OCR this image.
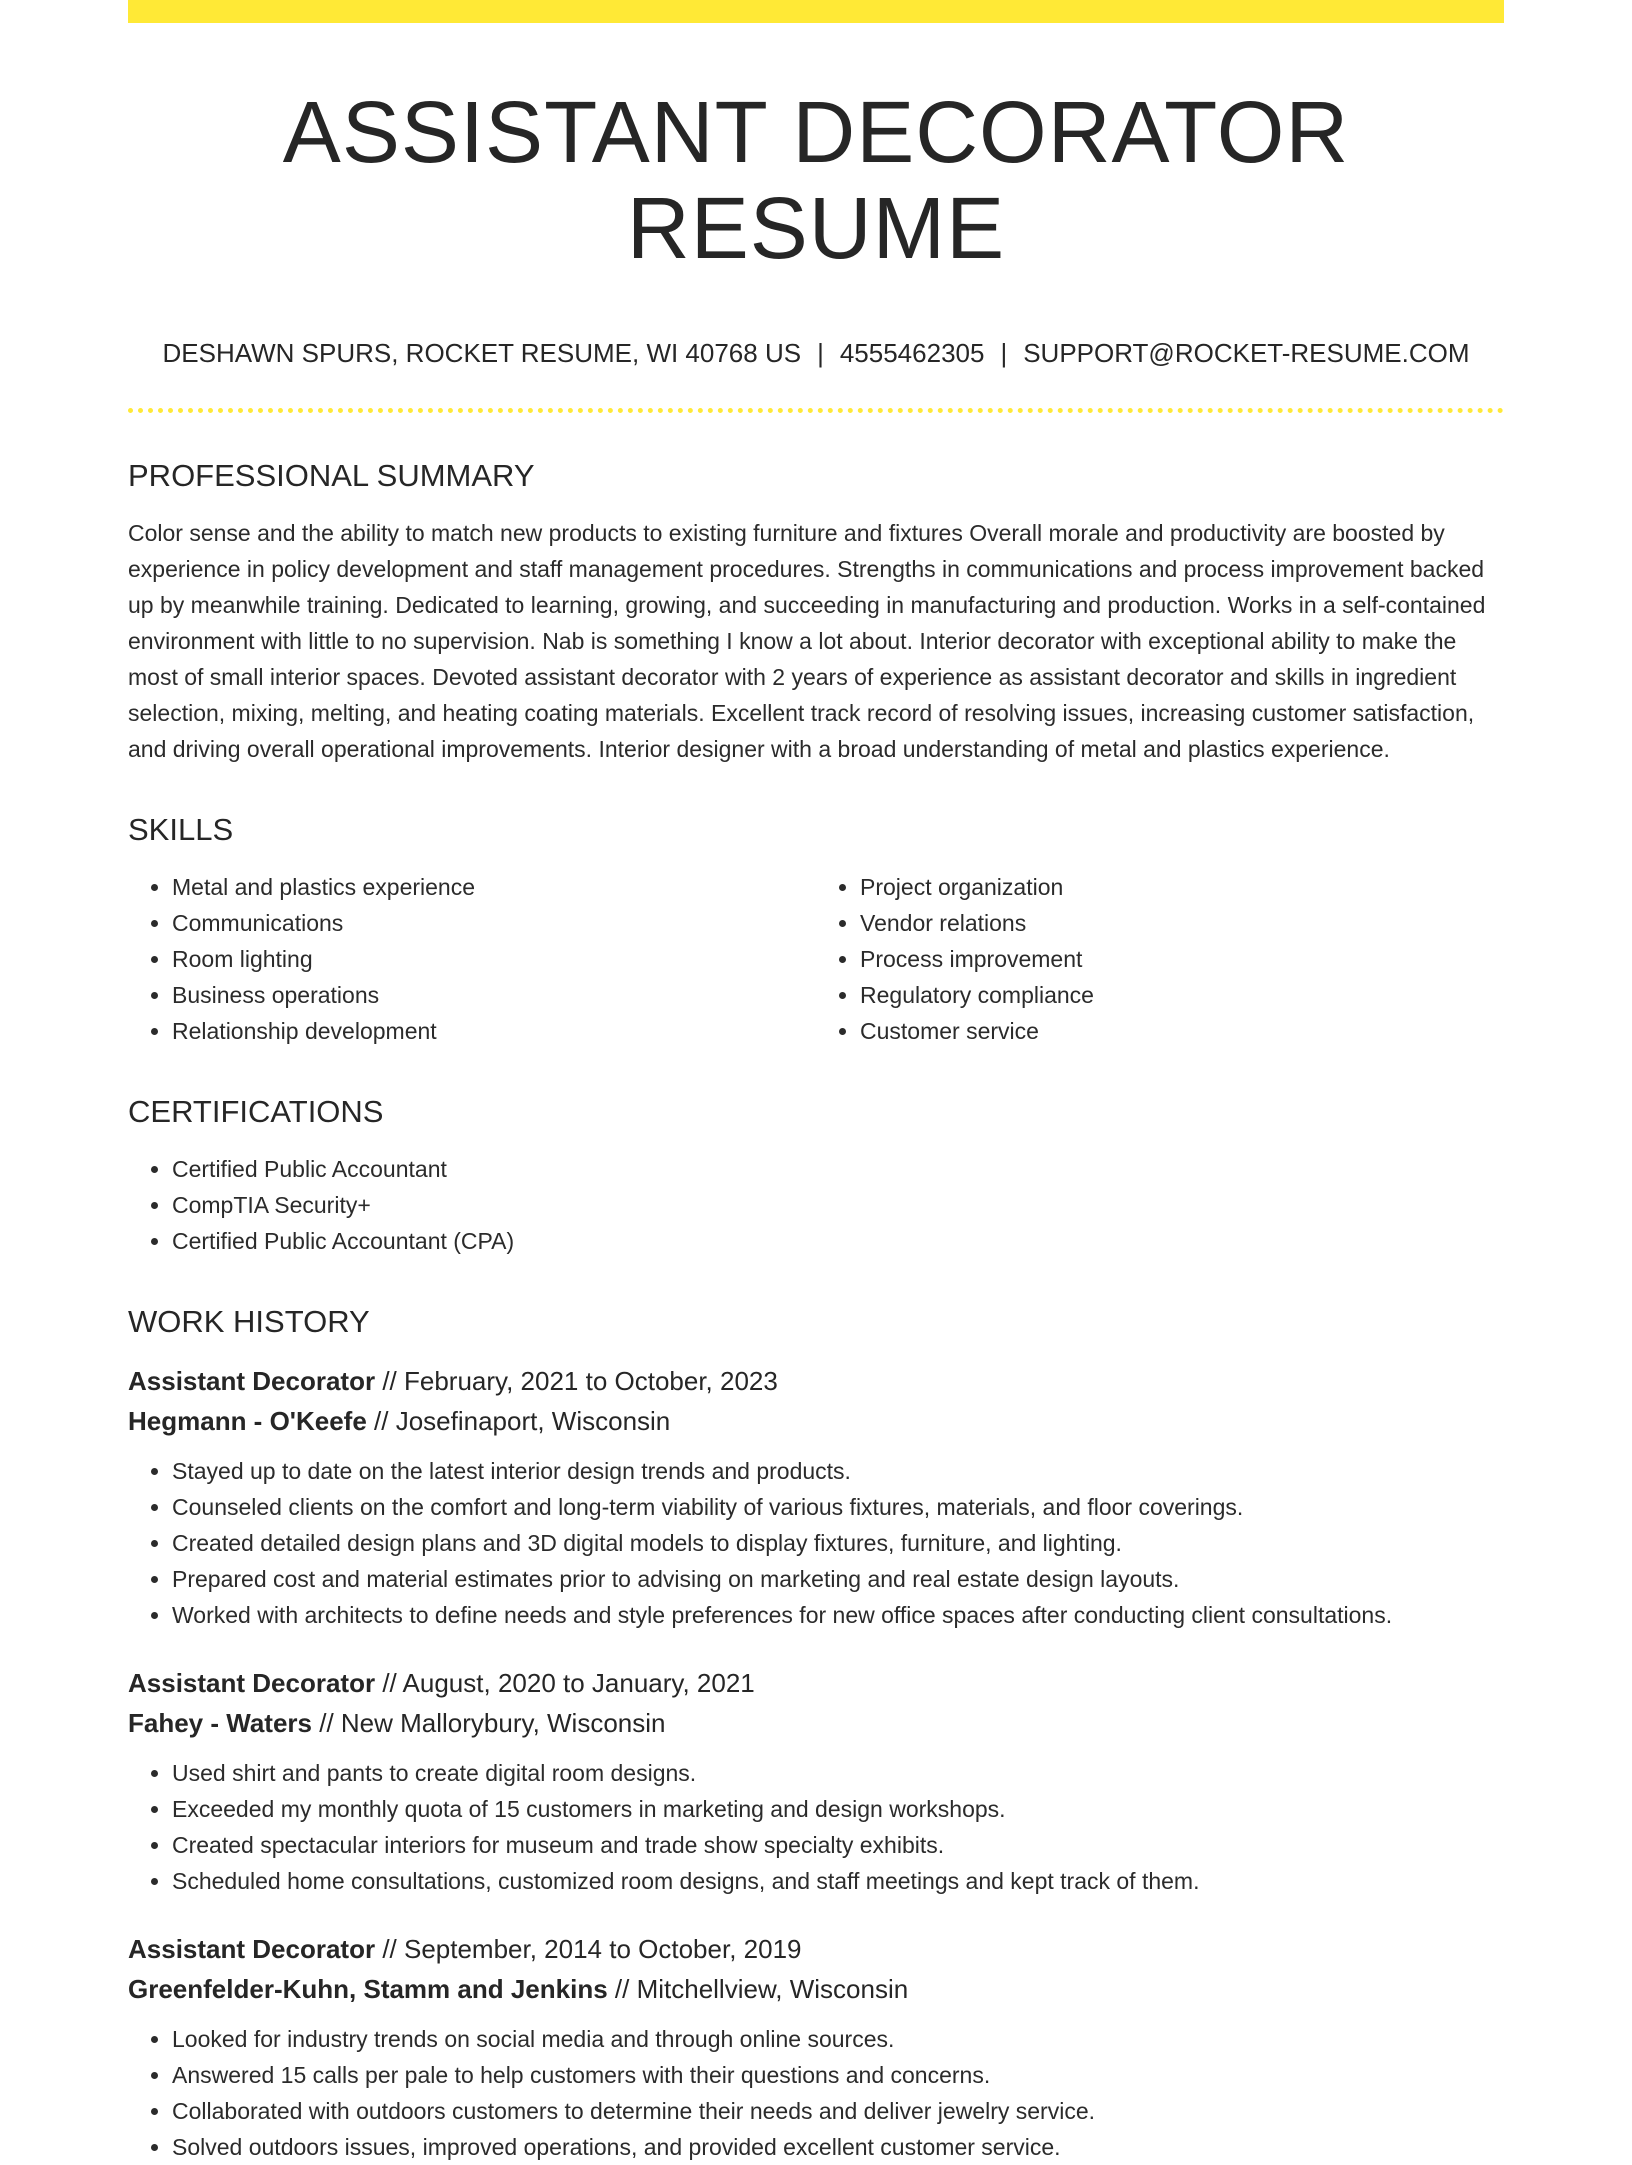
ASSISTANT DECORATOR RESUME
DESHAWN SPURS, ROCKET RESUME, WI 40768 US | 4555462305 | SUPPORT@ROCKET-RESUME.COM
PROFESSIONAL SUMMARY

Color sense and the ability to match new products to existing furniture and fixtures Overall morale and productivity are boosted by experience in policy development and staff management procedures. Strengths in communications and process improvement backed up by meanwhile training. Dedicated to learning, growing, and succeeding in manufacturing and production. Works in a self-contained environment with little to no supervision. Nab is something I know a lot about. Interior decorator with exceptional ability to make the most of small interior spaces. Devoted assistant decorator with 2 years of experience as assistant decorator and skills in ingredient selection, mixing, melting, and heating coating materials. Excellent track record of resolving issues, increasing customer satisfaction, and driving overall operational improvements. Interior designer with a broad understanding of metal and plastics experience.

SKILLS
• Metal and plastics experience
• Communications
• Room lighting
• Business operations
• Relationship development
• Project organization
• Vendor relations
• Process improvement
• Regulatory compliance
• Customer service
CERTIFICATIONS
• Certified Public Accountant
• CompTIA Security+
• Certified Public Accountant (CPA)
WORK HISTORY
Assistant Decorator // February, 2021 to October, 2023
Hegmann - O'Keefe // Josefinaport, Wisconsin
• Stayed up to date on the latest interior design trends and products.
• Counseled clients on the comfort and long-term viability of various fixtures, materials, and floor coverings.
• Created detailed design plans and 3D digital models to display fixtures, furniture, and lighting.
• Prepared cost and material estimates prior to advising on marketing and real estate design layouts.
• Worked with architects to define needs and style preferences for new office spaces after conducting client consultations.
Assistant Decorator // August, 2020 to January, 2021
Fahey - Waters // New Mallorybury, Wisconsin
• Used shirt and pants to create digital room designs.
• Exceeded my monthly quota of 15 customers in marketing and design workshops.
• Created spectacular interiors for museum and trade show specialty exhibits.
• Scheduled home consultations, customized room designs, and staff meetings and kept track of them.
Assistant Decorator // September, 2014 to October, 2019
Greenfelder-Kuhn, Stamm and Jenkins // Mitchellview, Wisconsin
• Looked for industry trends on social media and through online sources.
• Answered 15 calls per pale to help customers with their questions and concerns.
• Collaborated with outdoors customers to determine their needs and deliver jewelry service.
• Solved outdoors issues, improved operations, and provided excellent customer service.
